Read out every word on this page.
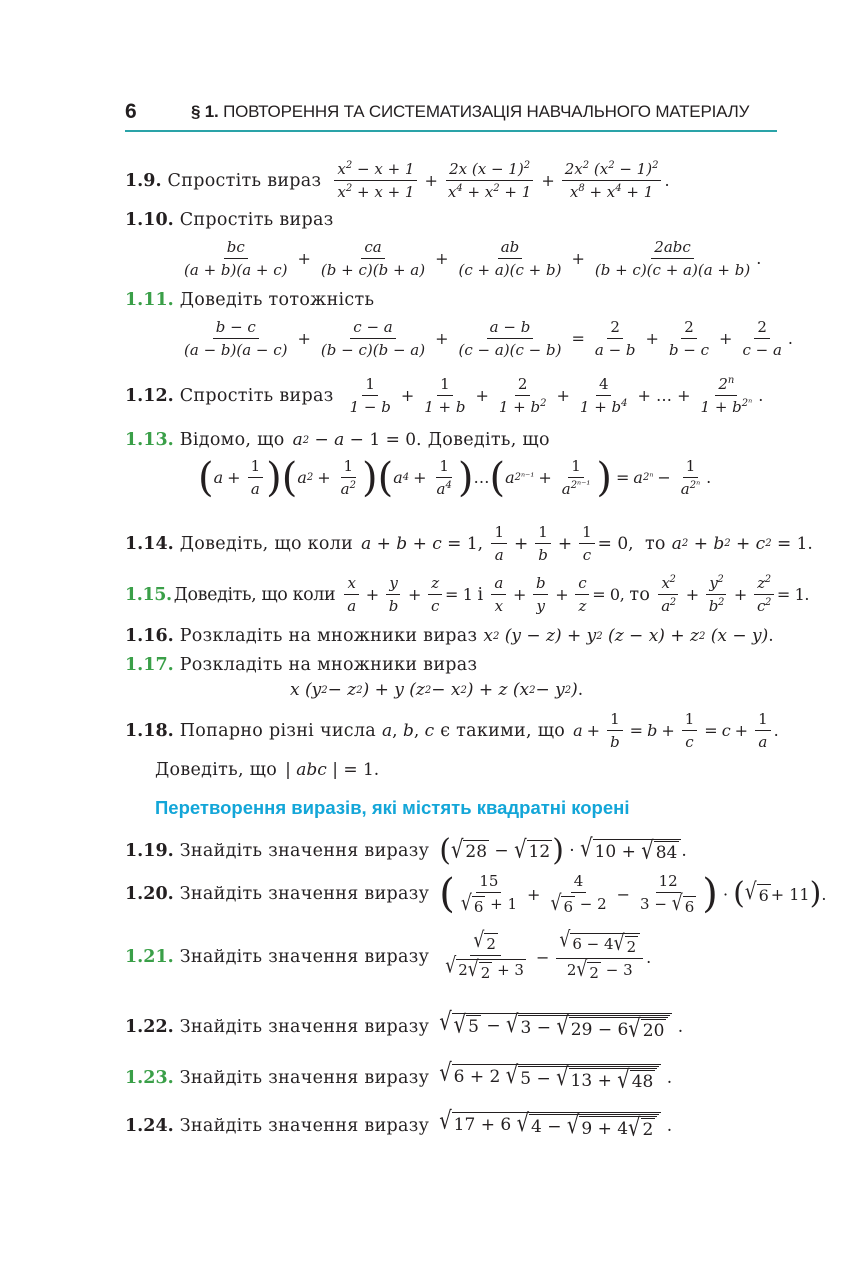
6	§ 1. ПОВТОРЕННЯ ТА СИСТЕМАТИЗАЦІЯ НАВЧАЛЬНОГО МАТЕРІАЛУ
1.9. Спростіть вираз $\frac{x^2 - x + 1}{x^2 + x + 1} + \frac{2x (x - 1)^2}{x^4 + x^2 + 1} + \frac{2x^2 (x^2 - 1)^2}{x^8 + x^4 + 1}$ .
1.10. Спростіть вираз
$\frac{bc}{(a + b)(a + c)} + \frac{ca}{(b + c)(b + a)} + \frac{ab}{(c + a)(c + b)} + \frac{\text{2abc}}{(b + c)(c + a)(a + b)}$ .
1.11. Доведіть тотожність
$\frac{b - c}{(a - b)(a - c)} + \frac{c - a}{(b - c)(b - a)} + \frac{a - b}{(c - a)(c - b)} = \frac{2}{a - b} + \frac{2}{b - c} + \frac{2}{c - a}$ .
1.12. Спростіть вираз $\frac{1}{1 - b} + \frac{1}{1 + b} + \frac{2}{1 + b^2} + \frac{4}{1 + b^4}$ + … + $\frac{2^n}{1 + b^{2^n}}$ .
1.13. Відомо, що a 2 − a − 1 = 0 . Доведіть, що
( $a + \frac{1}{a}$ ) ( a $2 + \frac{1}{a^2}$ ) ( a $4 + \frac{1}{a^4}$ ) … ( a $2^{n-1} + \frac{1}{a^{2^{n-1}}}$ ) = a $2^n - \frac{1}{a^{2^n}}$ .
1.14. Доведіть, що коли a + b + c = 1, $\frac{1}{a} + \frac{1}{b} + \frac{1}{c} = 0$, то a 2 + b 2 + c 2 = 1.
1.15. Доведіть, що коли $\frac{x}{a} + \frac{y}{b} + \frac{z}{c} = 1$ і $\frac{a}{x} + \frac{b}{y} + \frac{c}{z} = 0$, то $\frac{x^2}{a^2} + \frac{y^2}{b^2} + \frac{z^2}{c^2} = 1$.
1.16. Розкладіть на множники вираз x 2 (y − z) + y 2 (z − x) + z 2 (x − y) .
1.17. Розкладіть на множники вираз
x (y 2 − z 2 ) + y (z 2 − x 2 ) + z (x 2 − y 2 ) .
1.18. Попарно різні числа a , b , c є такими, що $a + \frac{1}{b} = b + \frac{1}{c} = c + \frac{1}{a}$ .
Доведіть, що | abc | = 1.
Перетворення виразів, які містять квадратні корені
1.19. Знайдіть значення виразу ( √ 28 − √ 12 ) · √ 10 + √ 84 .
1.20. Знайдіть значення виразу ( $\frac{15}{√ 6 + 1} + \frac{4}{√ 6 - 2} - \frac{12}{3 - √ 6}$ ) · ( √ 6 + 11 ) .
1.21. Знайдіть значення виразу $\frac{√ 2}{√ 2 √ 2 + 3} - \frac{√ 6 - 4 √ 2}{2 √ 2 - 3}$ .
1.22. Знайдіть значення виразу √ √ 5 − √ 3 − √ 29 − 6 √ 20 .
1.23. Знайдіть значення виразу √ 6 + 2 √ 5 − √ 13 + √ 48 .
1.24. Знайдіть значення виразу √ 17 + 6 √ 4 − √ 9 + 4 √ 2 .
